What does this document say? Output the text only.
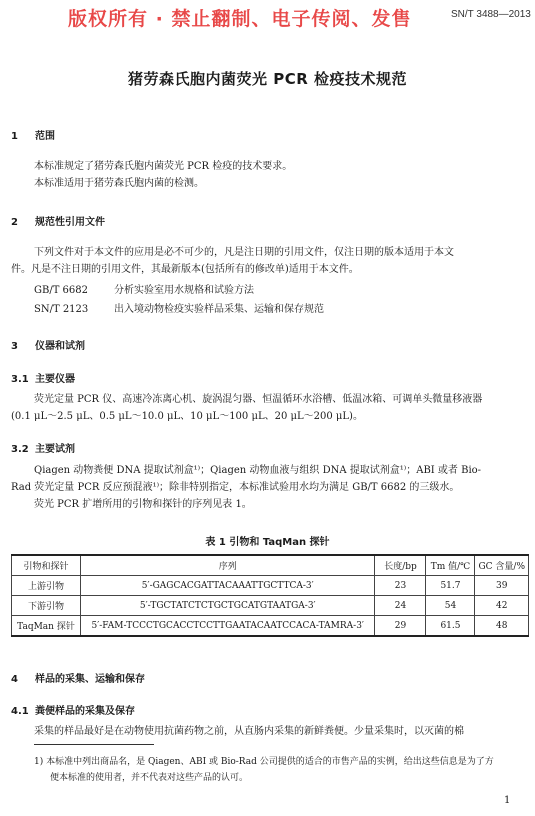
版权所有 · 禁止翻制、电子传阅、发售	SN/T 3488—2013
猪劳森氏胞内菌荧光 PCR 检疫技术规范
1 范围
本标准规定了猪劳森氏胞内菌荧光 PCR 检疫的技术要求。
本标准适用于猪劳森氏胞内菌的检测。
2 规范性引用文件
下列文件对于本文件的应用是必不可少的，凡是注日期的引用文件，仅注日期的版本适用于本文
件。凡是不注日期的引用文件，其最新版本(包括所有的修改单)适用于本文件。
GB/T 6682	分析实验室用水规格和试验方法
SN/T 2123	出入境动物检疫实验样品采集、运输和保存规范
3 仪器和试剂
3.1 主要仪器
荧光定量 PCR 仪、高速冷冻离心机、旋涡混匀器、恒温循环水浴槽、低温冰箱、可调单头微量移液器
(0.1 μL～2.5 μL、0.5 μL～10.0 μL、10 μL～100 μL、20 μL～200 μL)。
3.2 主要试剂
Qiagen 动物粪便 DNA 提取试剂盒¹⁾；Qiagen 动物血液与组织 DNA 提取试剂盒¹⁾；ABI 或者 Bio-
Rad 荧光定量 PCR 反应预混液¹⁾；除非特别指定，本标准试验用水均为满足 GB/T 6682 的三级水。
荧光 PCR 扩增所用的引物和探针的序列见表 1。
表 1 引物和 TaqMan 探针
引物和探针	序列	长度/bp	Tm 值/℃	GC 含量/%
上游引物	5′-GAGCACGATTACAAATTGCTTCA-3′	23	51.7	39
下游引物	5′-TGCTATCTCTGCTGCATGTAATGA-3′	24	54	42
TaqMan 探针	5′-FAM-TCCCTGCACCTCCTTGAATACAATCCACA-TAMRA-3′	29	61.5	48
4 样品的采集、运输和保存
4.1 粪便样品的采集及保存
采集的样品最好是在动物使用抗菌药物之前，从直肠内采集的新鲜粪便。少量采集时，以灭菌的棉
1) 本标准中列出商品名，是 Qiagen、ABI 或 Bio-Rad 公司提供的适合的市售产品的实例，给出这些信息是为了方
便本标准的使用者，并不代表对这些产品的认可。
1
